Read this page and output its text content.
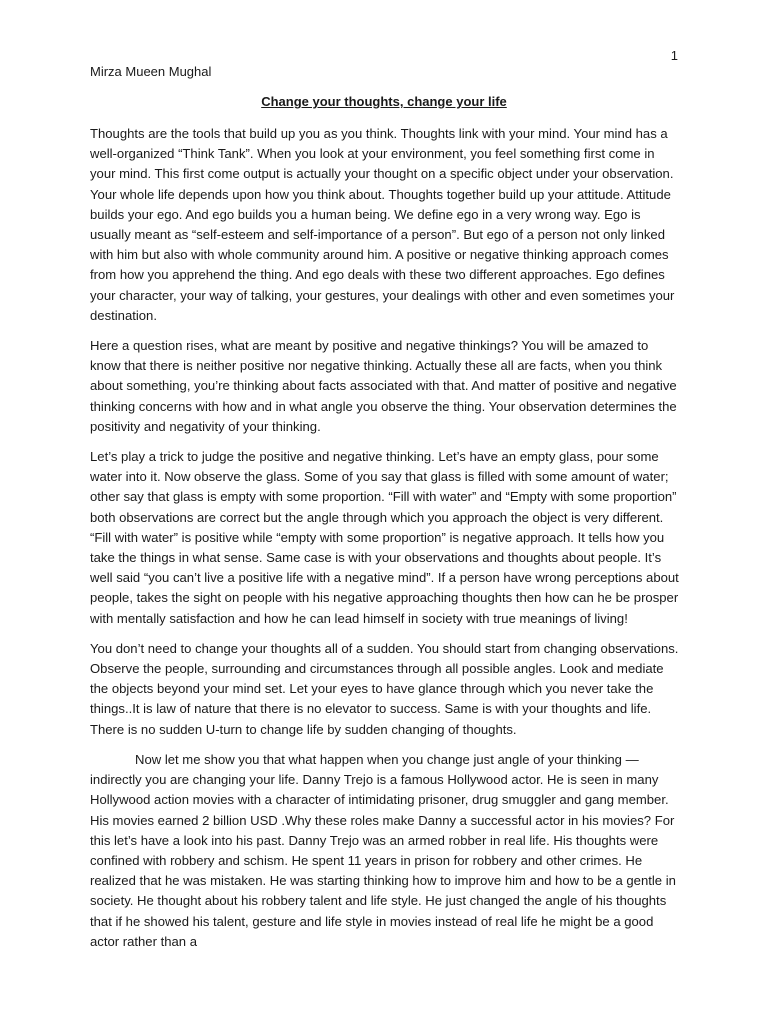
1
Mirza Mueen Mughal
Change your thoughts, change your life

Thoughts are the tools that build up you as you think. Thoughts link with your mind. Your mind has a well-organized “Think Tank”. When you look at your environment, you feel something first come in your mind. This first come output is actually your thought on a specific object under your observation. Your whole life depends upon how you think about. Thoughts together build up your attitude. Attitude builds your ego. And ego builds you a human being. We define ego in a very wrong way. Ego is usually meant as “self-esteem and self-importance of a person”. But ego of a person not only linked with him but also with whole community around him. A positive or negative thinking approach comes from how you apprehend the thing. And ego deals with these two different approaches. Ego defines your character, your way of talking, your gestures, your dealings with other and even sometimes your destination.

Here a question rises, what are meant by positive and negative thinkings? You will be amazed to know that there is neither positive nor negative thinking. Actually these all are facts, when you think about something, you’re thinking about facts associated with that. And matter of positive and negative thinking concerns with how and in what angle you observe the thing. Your observation determines the positivity and negativity of your thinking.

Let’s play a trick to judge the positive and negative thinking. Let’s have an empty glass, pour some water into it. Now observe the glass. Some of you say that glass is filled with some amount of water; other say that glass is empty with some proportion. “Fill with water” and “Empty with some proportion” both observations are correct but the angle through which you approach the object is very different. “Fill with water” is positive while “empty with some proportion” is negative approach. It tells how you take the things in what sense. Same case is with your observations and thoughts about people. It’s well said “you can’t live a positive life with a negative mind”. If a person have wrong perceptions about people, takes the sight on people with his negative approaching thoughts then how can he be prosper with mentally satisfaction and how he can lead himself in society with true meanings of living!

You don’t need to change your thoughts all of a sudden. You should start from changing observations. Observe the people, surrounding and circumstances through all possible angles. Look and mediate the objects beyond your mind set. Let your eyes to have glance through which you never take the things..It is law of nature that there is no elevator to success. Same is with your thoughts and life. There is no sudden U-turn to change life by sudden changing of thoughts.

Now let me show you that what happen when you change just angle of your thinking — indirectly you are changing your life. Danny Trejo is a famous Hollywood actor. He is seen in many Hollywood action movies with a character of intimidating prisoner, drug smuggler and gang member. His movies earned 2 billion USD .Why these roles make Danny a successful actor in his movies? For this let’s have a look into his past. Danny Trejo was an armed robber in real life. His thoughts were confined with robbery and schism. He spent 11 years in prison for robbery and other crimes. He realized that he was mistaken. He was starting thinking how to improve him and how to be a gentle in society. He thought about his robbery talent and life style. He just changed the angle of his thoughts that if he showed his talent, gesture and life style in movies instead of real life he might be a good actor rather than a
